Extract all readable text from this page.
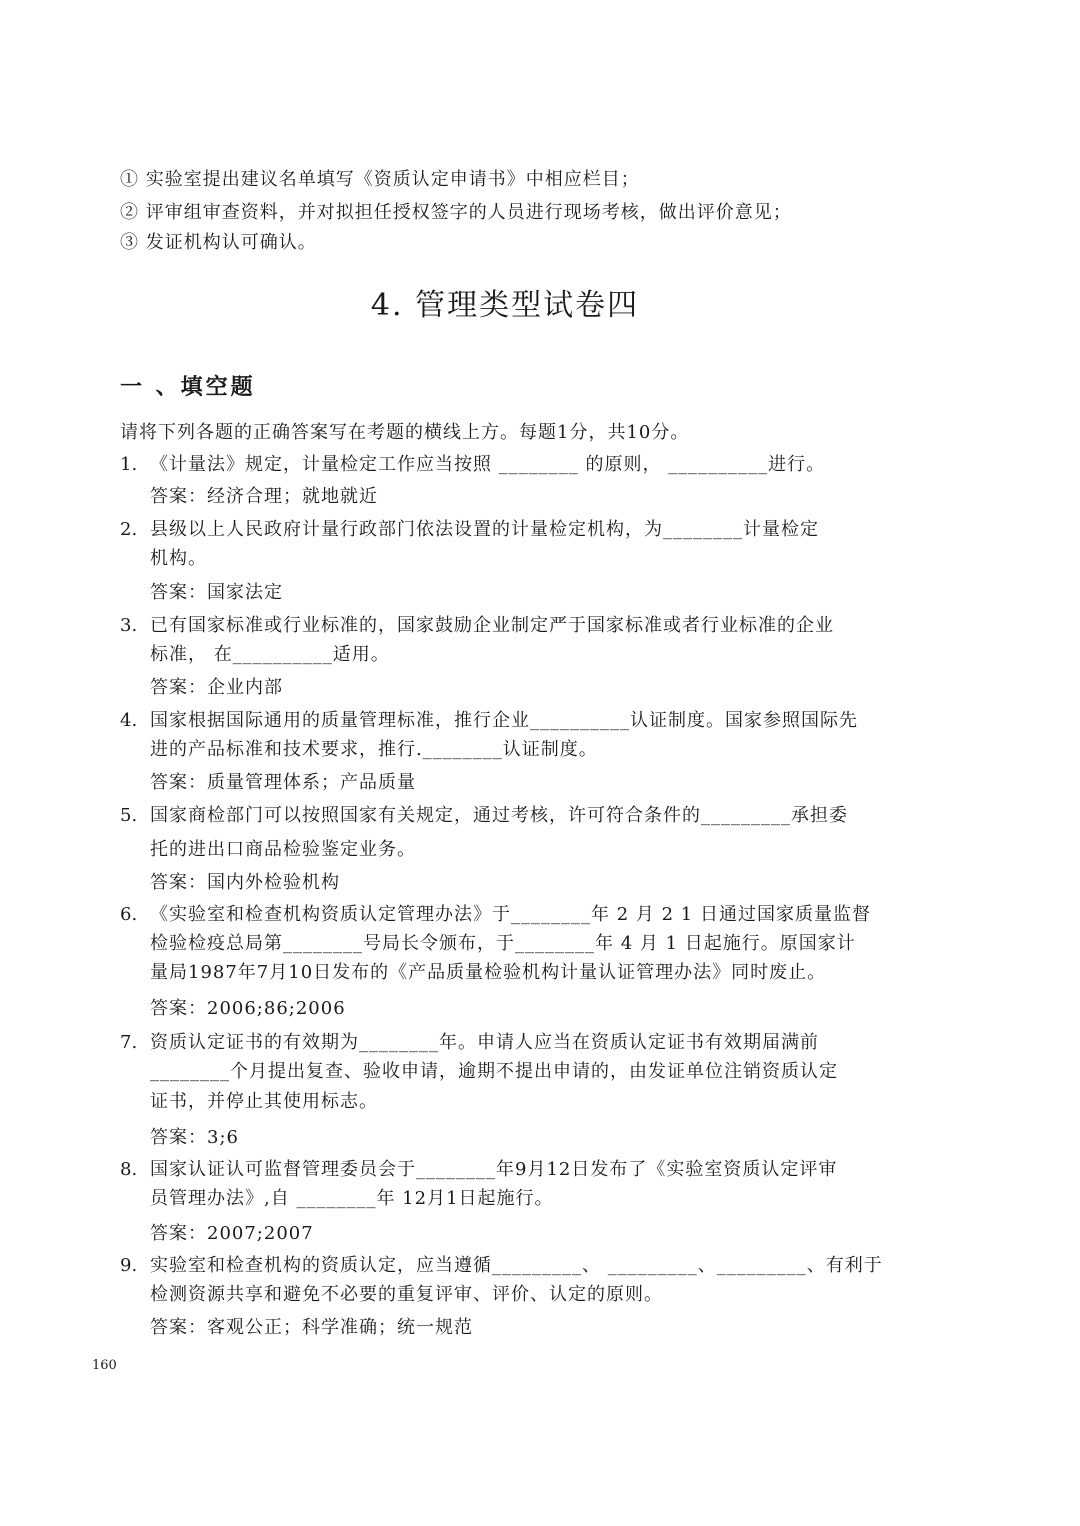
① 实验室提出建议名单填写《资质认定申请书》中相应栏目；
② 评审组审查资料，并对拟担任授权签字的人员进行现场考核，做出评价意见；
③ 发证机构认可确认。
4. 管理类型试卷四
一 、填空题
请将下列各题的正确答案写在考题的横线上方。每题1分，共10分。
1. 《计量法》规定，计量检定工作应当按照 ________ 的原则， __________进行。
答案：经济合理；就地就近
2. 县级以上人民政府计量行政部门依法设置的计量检定机构，为________计量检定
机构。
答案：国家法定
3. 已有国家标准或行业标准的，国家鼓励企业制定严于国家标准或者行业标准的企业
标准， 在__________适用。
答案：企业内部
4. 国家根据国际通用的质量管理标准，推行企业__________认证制度。国家参照国际先
进的产品标准和技术要求，推行.________认证制度。
答案：质量管理体系；产品质量
5. 国家商检部门可以按照国家有关规定，通过考核，许可符合条件的_________承担委
托的进出口商品检验鉴定业务。
答案：国内外检验机构
6. 《实验室和检查机构资质认定管理办法》于________年 2 月 2 1 日通过国家质量监督
检验检疫总局第________号局长令颁布，于________年 4 月 1 日起施行。原国家计
量局1987年7月10日发布的《产品质量检验机构计量认证管理办法》同时废止。
答案：2006;86;2006
7. 资质认定证书的有效期为________年。申请人应当在资质认定证书有效期届满前
________个月提出复查、验收申请，逾期不提出申请的，由发证单位注销资质认定
证书，并停止其使用标志。
答案：3;6
8. 国家认证认可监督管理委员会于________年9月12日发布了《实验室资质认定评审
员管理办法》,自 ________年 12月1日起施行。
答案：2007;2007
9. 实验室和检查机构的资质认定，应当遵循_________、 _________、_________、有利于
检测资源共享和避免不必要的重复评审、评价、认定的原则。
答案：客观公正；科学准确；统一规范
160
